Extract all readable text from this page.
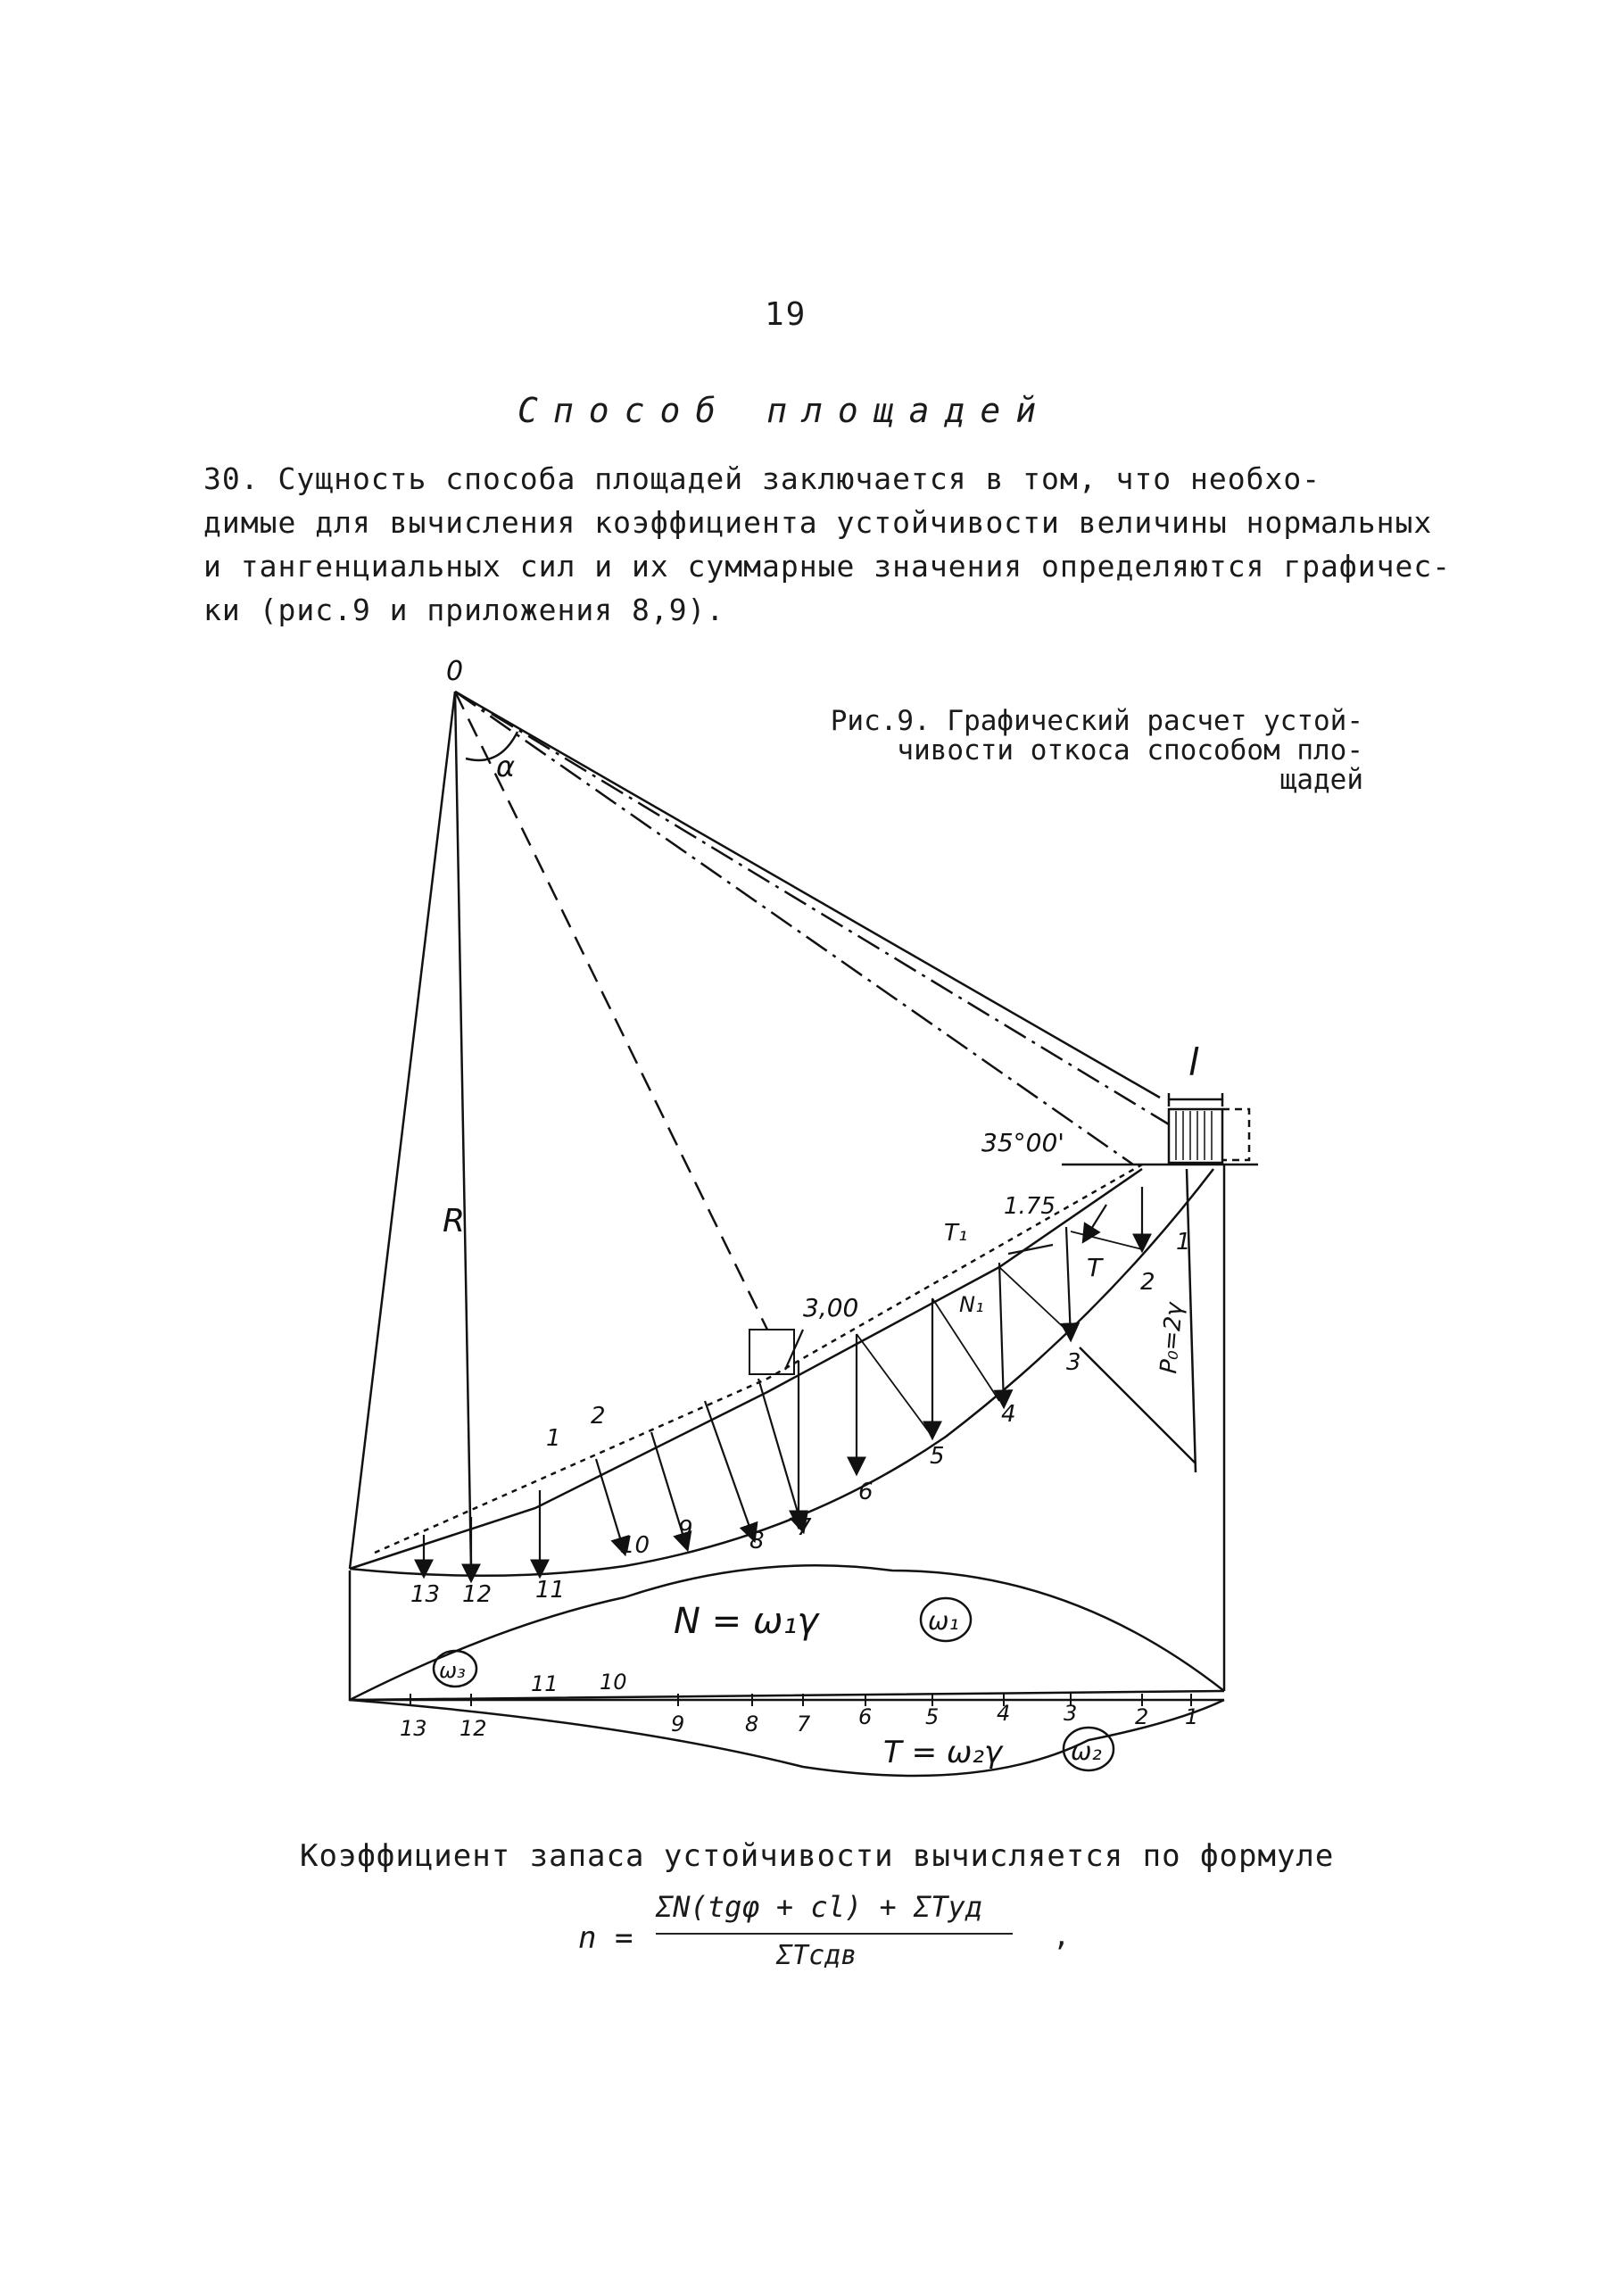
19
Способ площадей
30. Сущность способа площадей заключается в том, что необхо-
димые для вычисления коэффициента устойчивости величины нормальных
и тангенциальных сил и их суммарные значения определяются графичес-
ки (рис.9 и приложения 8,9).
Рис.9. Графический расчет устой-
чивости откоса способом пло-
щадей
0
α
R
l
35°00'
1.75
3,00
T₁
T
N₁	P₀=2γ
N = ω₁γ
T = ω₂γ
ω₁
ω₂
ω₃
1
2
3
4
5
6
7
8
9
10
11
12
13
1
2
11 10
13 12	9	8 7 6 5	4 3	2 1
Коэффициент запаса устойчивости вычисляется по формуле
n =
ΣN(tgφ + cl) + ΣTуд
ΣTсдв
,
